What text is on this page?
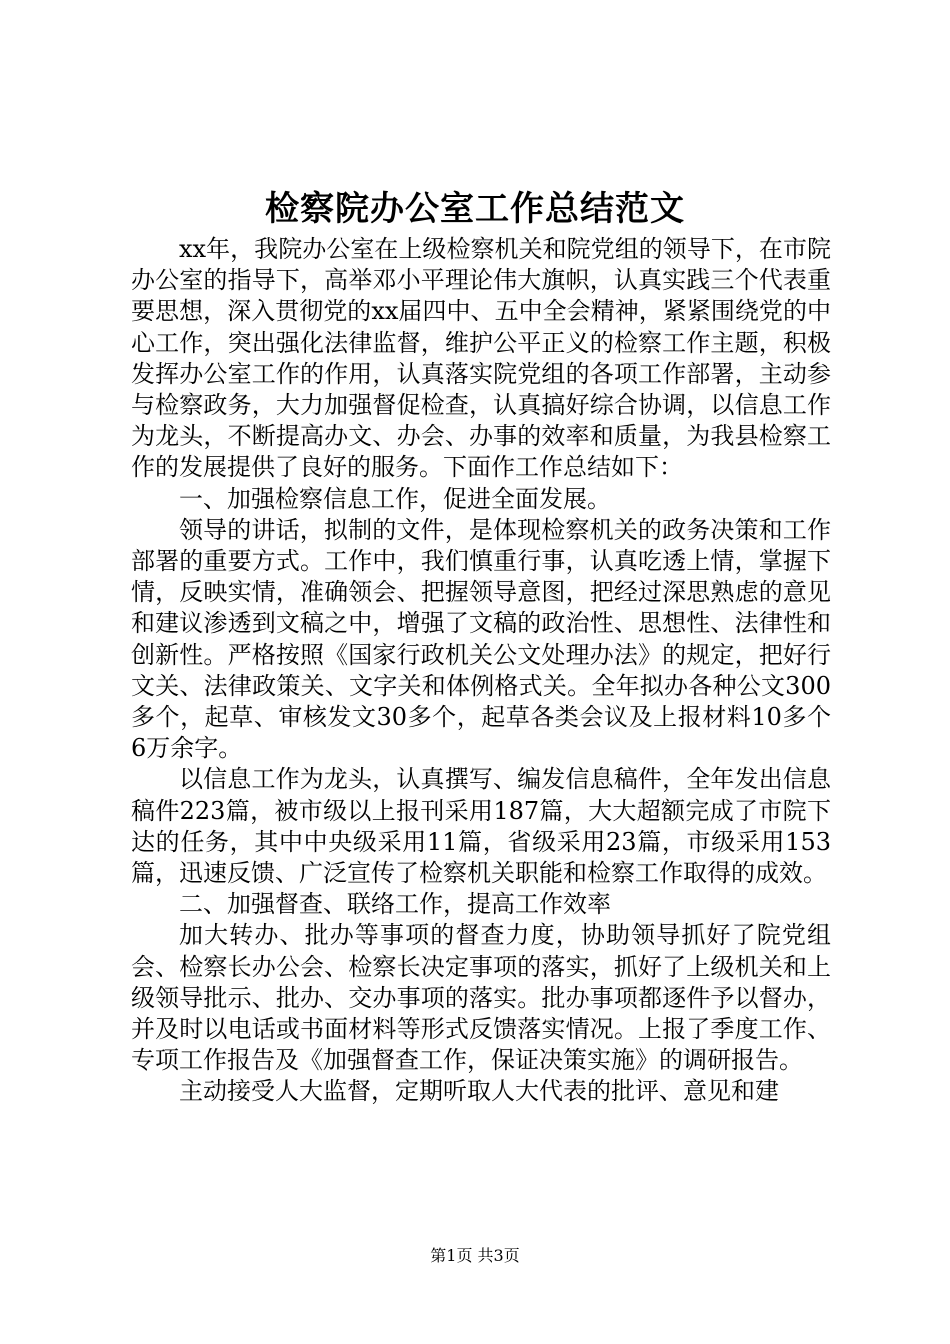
检察院办公室工作总结范文

xx年，我院办公室在上级检察机关和院党组的领导下，在市院办公室的指导下，高举邓小平理论伟大旗帜，认真实践三个代表重要思想，深入贯彻党的xx届四中、五中全会精神，紧紧围绕党的中心工作，突出强化法律监督，维护公平正义的检察工作主题，积极发挥办公室工作的作用，认真落实院党组的各项工作部署，主动参与检察政务，大力加强督促检查，认真搞好综合协调，以信息工作为龙头，不断提高办文、办会、办事的效率和质量，为我县检察工作的发展提供了良好的服务。下面作工作总结如下：

一、加强检察信息工作，促进全面发展。

领导的讲话，拟制的文件，是体现检察机关的政务决策和工作部署的重要方式。工作中，我们慎重行事，认真吃透上情，掌握下情，反映实情，准确领会、把握领导意图，把经过深思熟虑的意见和建议渗透到文稿之中，增强了文稿的政治性、思想性、法律性和创新性。严格按照《国家行政机关公文处理办法》的规定，把好行文关、法律政策关、文字关和体例格式关。全年拟办各种公文300多个，起草、审核发文30多个，起草各类会议及上报材料10多个6万余字。

以信息工作为龙头，认真撰写、编发信息稿件，全年发出信息稿件223篇，被市级以上报刊采用187篇，大大超额完成了市院下达的任务，其中中央级采用11篇，省级采用23篇，市级采用153篇，迅速反馈、广泛宣传了检察机关职能和检察工作取得的成效。

二、加强督查、联络工作，提高工作效率

加大转办、批办等事项的督查力度，协助领导抓好了院党组会、检察长办公会、检察长决定事项的落实，抓好了上级机关和上级领导批示、批办、交办事项的落实。批办事项都逐件予以督办，并及时以电话或书面材料等形式反馈落实情况。上报了季度工作、专项工作报告及《加强督查工作，保证决策实施》的调研报告。

主动接受人大监督，定期听取人大代表的批评、意见和建

第1页 共3页
